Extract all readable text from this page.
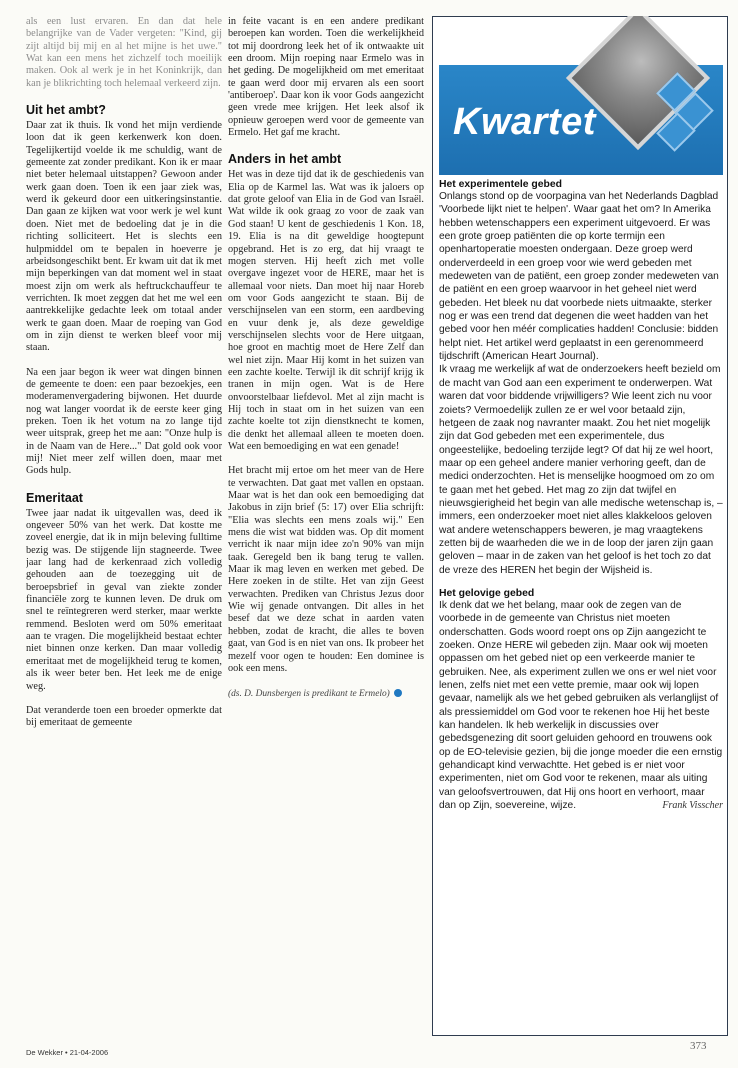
als een lust ervaren. En dan dat hele belangrijke van de Vader vergeten: "Kind, gij zijt altijd bij mij en al het mijne is het uwe." Wat kan een mens het zichzelf toch moeilijk maken. Ook al werk je in het Koninkrijk, dan kan je blikrichting toch helemaal verkeerd zijn.

Uit het ambt?

Daar zat ik thuis. Ik vond het mijn verdiende loon dat ik geen kerkenwerk kon doen. Tegelijkertijd voelde ik me schuldig, want de gemeente zat zonder predikant. Kon ik er maar niet beter helemaal uitstappen? Gewoon ander werk gaan doen. Toen ik een jaar ziek was, werd ik gekeurd door een uitkeringsinstantie. Dan gaan ze kijken wat voor werk je wel kunt doen. Niet met de bedoeling dat je in die richting solliciteert. Het is slechts een hulpmiddel om te bepalen in hoeverre je arbeidsongeschikt bent. Er kwam uit dat ik met mijn beperkingen van dat moment wel in staat moest zijn om werk als heftruckchauffeur te verrichten. Ik moet zeggen dat het me wel een aantrekkelijke gedachte leek om totaal ander werk te gaan doen. Maar de roeping van God om in zijn dienst te werken bleef voor mij staan.

Na een jaar begon ik weer wat dingen binnen de gemeente te doen: een paar bezoekjes, een moderamenvergadering bijwonen. Het duurde nog wat langer voordat ik de eerste keer ging preken. Toen ik het votum na zo lange tijd weer uitsprak, greep het me aan: "Onze hulp is in de Naam van de Here..." Dat gold ook voor mij! Niet meer zelf willen doen, maar met Gods hulp.

Emeritaat

Twee jaar nadat ik uitgevallen was, deed ik ongeveer 50% van het werk. Dat kostte me zoveel energie, dat ik in mijn beleving fulltime bezig was. De stijgende lijn stagneerde. Twee jaar lang had de kerkenraad zich volledig gehouden aan de toezegging uit de beroepsbrief in geval van ziekte zonder financiële zorg te kunnen leven. De druk om snel te reïntegreren werd sterker, maar werkte remmend. Besloten werd om 50% emeritaat aan te vragen. Die mogelijkheid bestaat echter niet binnen onze kerken. Dan maar volledig emeritaat met de mogelijkheid terug te komen, als ik weer beter ben. Het leek me de enige weg.

Dat veranderde toen een broeder opmerkte dat bij emeritaat de gemeente

in feite vacant is en een andere predikant beroepen kan worden. Toen die werkelijkheid tot mij doordrong leek het of ik ontwaakte uit een droom. Mijn roeping naar Ermelo was in het geding. De mogelijkheid om met emeritaat te gaan werd door mij ervaren als een soort 'antiberoep'. Daar kon ik voor Gods aangezicht geen vrede mee krijgen. Het leek alsof ik opnieuw geroepen werd voor de gemeente van Ermelo. Het gaf me kracht.

Anders in het ambt

Het was in deze tijd dat ik de geschiedenis van Elia op de Karmel las. Wat was ik jaloers op dat grote geloof van Elia in de God van Israël. Wat wilde ik ook graag zo voor de zaak van God staan! U kent de geschiedenis 1 Kon. 18, 19. Elia is na dit geweldige hoogtepunt opgebrand. Het is zo erg, dat hij vraagt te mogen sterven. Hij heeft zich met volle overgave ingezet voor de HERE, maar het is allemaal voor niets. Dan moet hij naar Horeb om voor Gods aangezicht te staan. Bij de verschijnselen van een storm, een aardbeving en vuur denk je, als deze geweldige verschijnselen slechts voor de Here uitgaan, hoe groot en machtig moet de Here Zelf dan wel niet zijn. Maar Hij komt in het suizen van een zachte koelte. Terwijl ik dit schrijf krijg ik tranen in mijn ogen. Wat is de Here onvoorstelbaar liefdevol. Met al zijn macht is Hij toch in staat om in het suizen van een zachte koelte tot zijn dienstknecht te komen, die denkt het allemaal alleen te moeten doen. Wat een bemoediging en wat een genade!

Het bracht mij ertoe om het meer van de Here te verwachten. Dat gaat met vallen en opstaan. Maar wat is het dan ook een bemoediging dat Jakobus in zijn brief (5: 17) over Elia schrijft: "Elia was slechts een mens zoals wij." Een mens die wist wat bidden was. Op dit moment verricht ik naar mijn idee zo'n 90% van mijn taak. Geregeld ben ik bang terug te vallen. Maar ik mag leven en werken met gebed. De Here zoeken in de stilte. Het van zijn Geest verwachten. Prediken van Christus Jezus door Wie wij genade ontvangen. Dit alles in het besef dat we deze schat in aarden vaten hebben, zodat de kracht, die alles te boven gaat, van God is en niet van ons. Ik probeer het mezelf voor ogen te houden: Een dominee is ook een mens.

(ds. D. Dunsbergen is predikant te Ermelo)

Kwartet
Het experimentele gebed

Onlangs stond op de voorpagina van het Nederlands Dagblad 'Voorbede lijkt niet te helpen'. Waar gaat het om? In Amerika hebben wetenschappers een experiment uitgevoerd. Er was een grote groep patiënten die op korte termijn een openhartoperatie moesten ondergaan. Deze groep werd onderverdeeld in een groep voor wie werd gebeden met medeweten van de patiënt, een groep zonder medeweten van de patiënt en een groep waarvoor in het geheel niet werd gebeden. Het bleek nu dat voorbede niets uitmaakte, sterker nog er was een trend dat degenen die weet hadden van het gebed voor hen méér complicaties hadden! Conclusie: bidden helpt niet. Het artikel werd geplaatst in een gerenommeerd tijdschrift (American Heart Journal).

Ik vraag me werkelijk af wat de onderzoekers heeft bezield om de macht van God aan een experiment te onderwerpen. Wat waren dat voor biddende vrijwilligers? Wie leent zich nu voor zoiets? Vermoedelijk zullen ze er wel voor betaald zijn, hetgeen de zaak nog navranter maakt. Zou het niet mogelijk zijn dat God gebeden met een experimentele, dus ongeestelijke, bedoeling terzijde legt? Of dat hij ze wel hoort, maar op een geheel andere manier verhoring geeft, dan de medici onderzochten. Het is menselijke hoogmoed om zo om te gaan met het gebed. Het mag zo zijn dat twijfel en nieuwsgierigheid het begin van alle medische wetenschap is, – immers, een onderzoeker moet niet alles klakkeloos geloven wat andere wetenschappers beweren, je mag vraagtekens zetten bij de waarheden die we in de loop der jaren zijn gaan geloven – maar in de zaken van het geloof is het toch zo dat de vreze des HEREN het begin der Wijsheid is.

Het gelovige gebed

Ik denk dat we het belang, maar ook de zegen van de voorbede in de gemeente van Christus niet moeten onderschatten. Gods woord roept ons op Zijn aangezicht te zoeken. Onze HERE wil gebeden zijn. Maar ook wij moeten oppassen om het gebed niet op een verkeerde manier te gebruiken. Nee, als experiment zullen we ons er wel niet voor lenen, zelfs niet met een vette premie, maar ook wij lopen gevaar, namelijk als we het gebed gebruiken als verlanglijst of als pressiemiddel om God voor te rekenen hoe Hij het beste kan handelen. Ik heb werkelijk in discussies over gebedsgenezing dit soort geluiden gehoord en trouwens ook op de EO-televisie gezien, bij die jonge moeder die een ernstig gehandicapt kind verwachtte. Het gebed is er niet voor experimenten, niet om God voor te rekenen, maar als uiting van geloofsvertrouwen, dat Hij ons hoort en verhoort, maar dan op Zijn, soevereine, wijze.	Frank Visscher

De Wekker • 21-04-2006
373
